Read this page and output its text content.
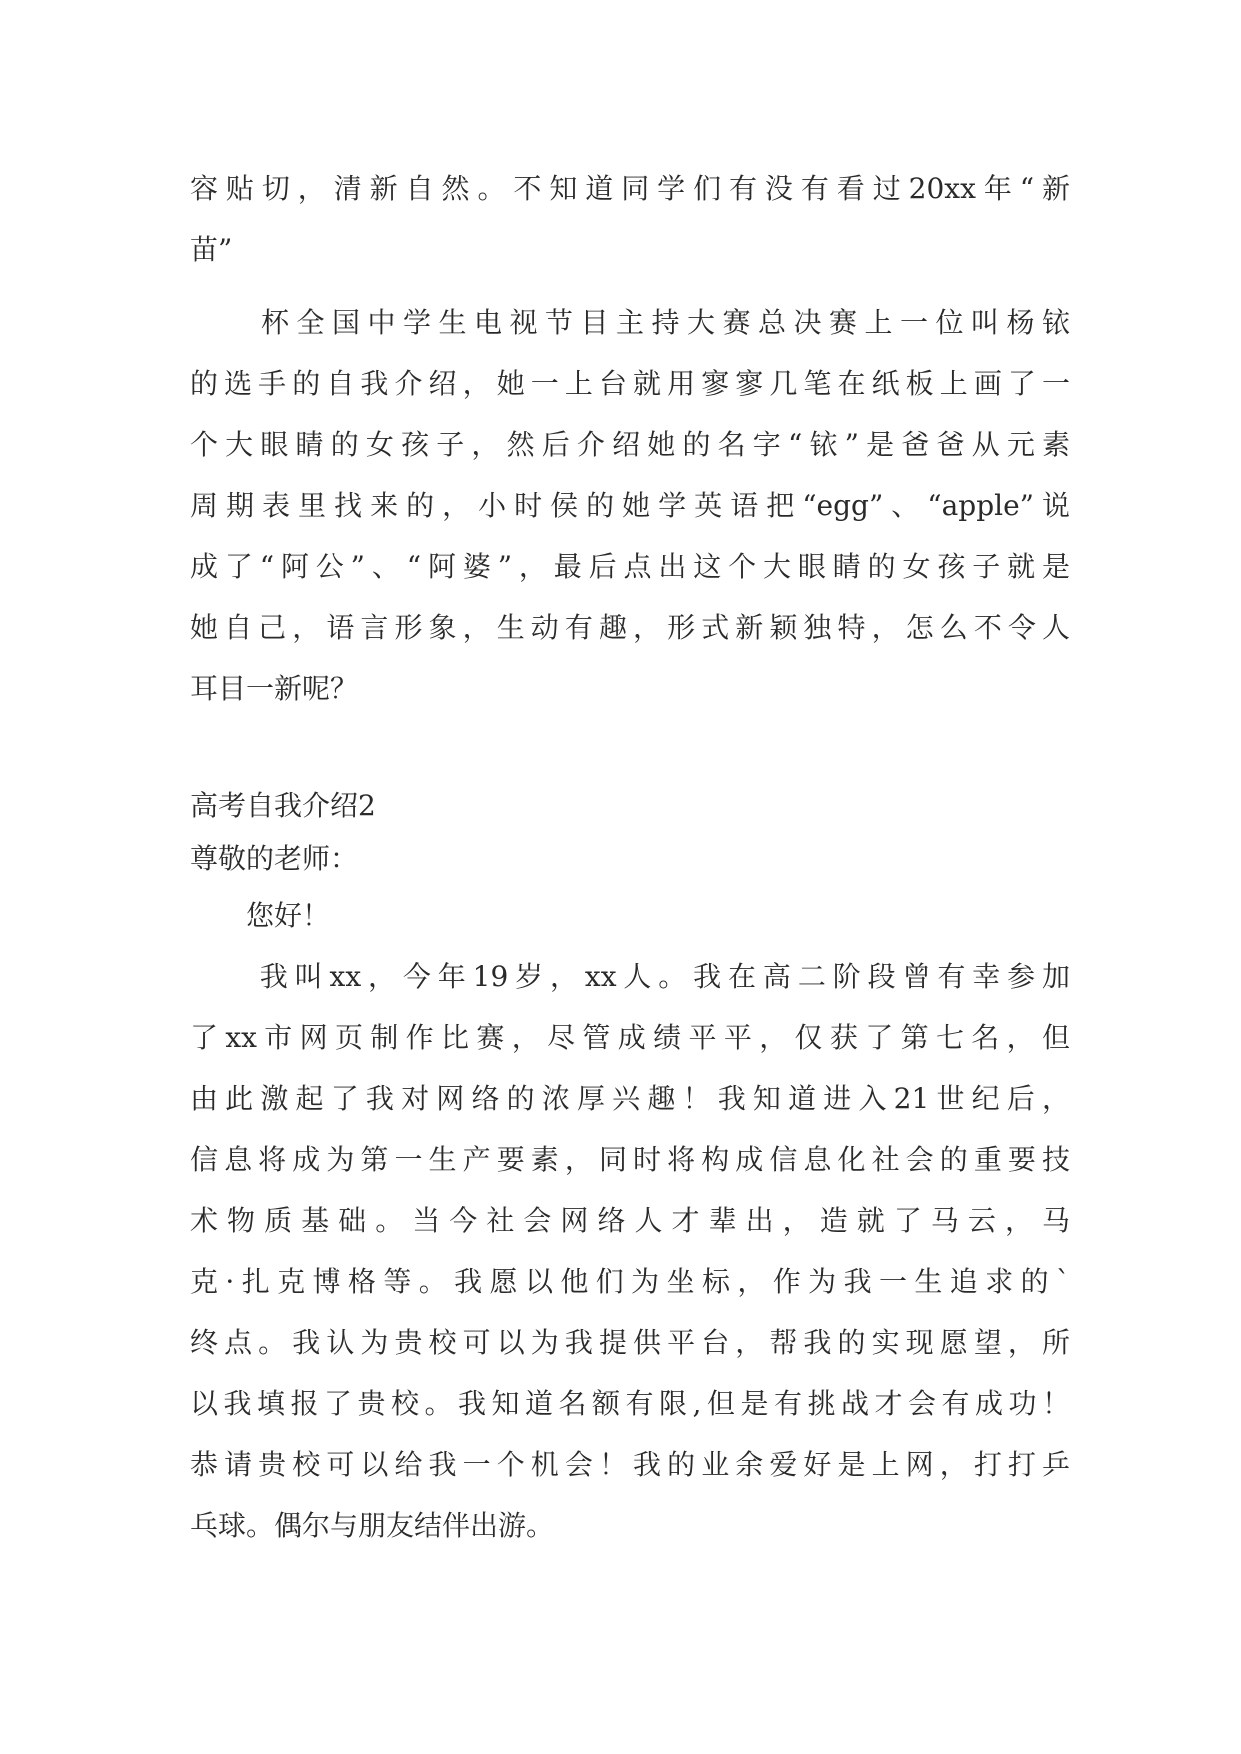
容贴切，清新自然。不知道同学们有没有看过20xx年“新
苗”
　　杯全国中学生电视节目主持大赛总决赛上一位叫杨铱
的选手的自我介绍，她一上台就用寥寥几笔在纸板上画了一
个大眼睛的女孩子，然后介绍她的名字“铱”是爸爸从元素
周期表里找来的，小时侯的她学英语把“egg”、“apple”说
成了“阿公”、“阿婆”，最后点出这个大眼睛的女孩子就是
她自己，语言形象，生动有趣，形式新颖独特，怎么不令人
耳目一新呢？
高考自我介绍2
尊敬的老师：
　　您好！
　　我叫xx，今年19岁，xx人。我在高二阶段曾有幸参加
了xx市网页制作比赛，尽管成绩平平，仅获了第七名，但
由此激起了我对网络的浓厚兴趣！我知道进入21世纪后，
信息将成为第一生产要素，同时将构成信息化社会的重要技
术物质基础。当今社会网络人才辈出，造就了马云，马
克·扎克博格等。我愿以他们为坐标，作为我一生追求的`
终点。我认为贵校可以为我提供平台，帮我的实现愿望，所
以我填报了贵校。我知道名额有限,但是有挑战才会有成功！
恭请贵校可以给我一个机会！我的业余爱好是上网，打打乒
乓球。偶尔与朋友结伴出游。
